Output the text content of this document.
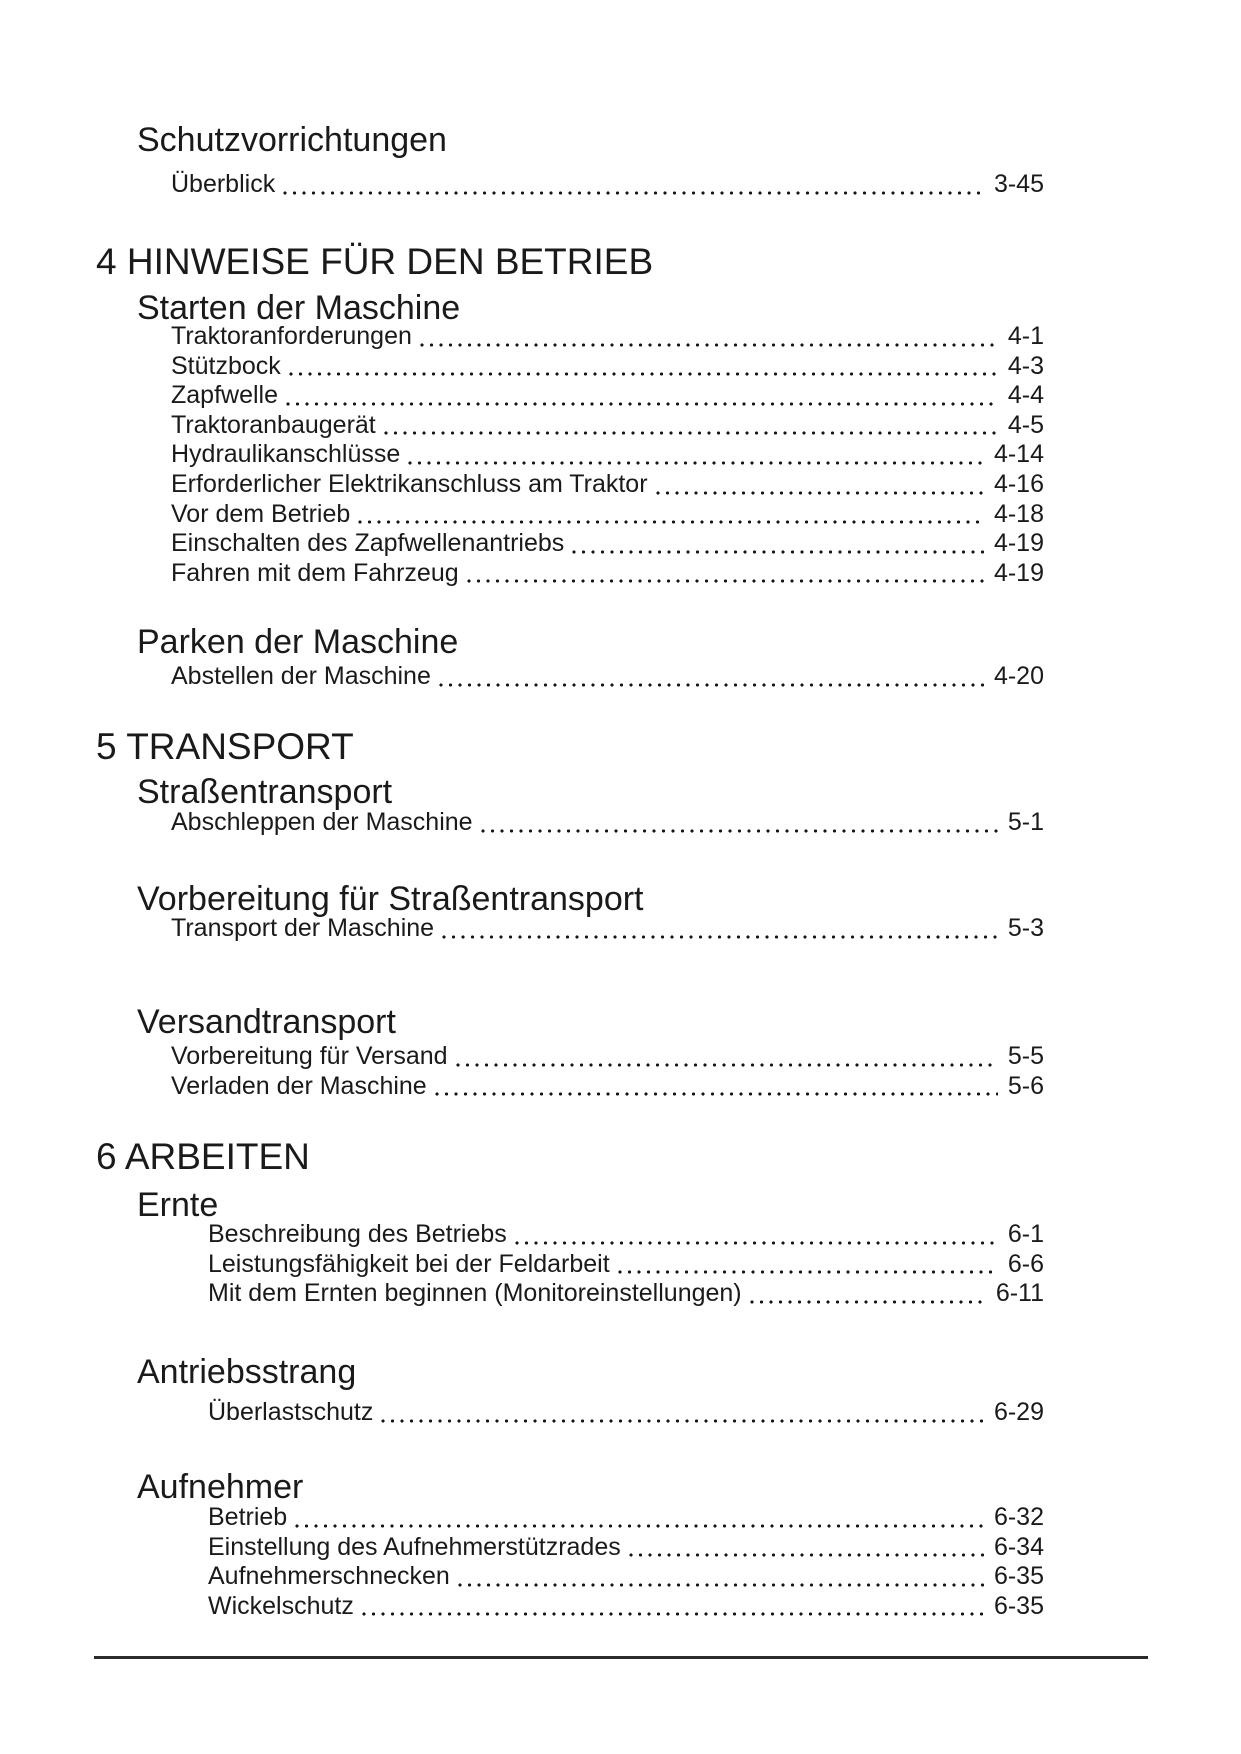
Schutzvorrichtungen
Überblick	3-45
4 HINWEISE FÜR DEN BETRIEB
Starten der Maschine
Traktoranforderungen	4-1
Stützbock	4-3
Zapfwelle	4-4
Traktoranbaugerät	4-5
Hydraulikanschlüsse	4-14
Erforderlicher Elektrikanschluss am Traktor	4-16
Vor dem Betrieb	4-18
Einschalten des Zapfwellenantriebs	4-19
Fahren mit dem Fahrzeug	4-19
Parken der Maschine
Abstellen der Maschine	4-20
5 TRANSPORT
Straßentransport
Abschleppen der Maschine	5-1
Vorbereitung für Straßentransport
Transport der Maschine	5-3
Versandtransport
Vorbereitung für Versand	5-5
Verladen der Maschine	5-6
6 ARBEITEN
Ernte
Beschreibung des Betriebs	6-1
Leistungsfähigkeit bei der Feldarbeit	6-6
Mit dem Ernten beginnen (Monitoreinstellungen)	6-11
Antriebsstrang
Überlastschutz	6-29
Aufnehmer
Betrieb	6-32
Einstellung des Aufnehmerstützrades	6-34
Aufnehmerschnecken	6-35
Wickelschutz	6-35
